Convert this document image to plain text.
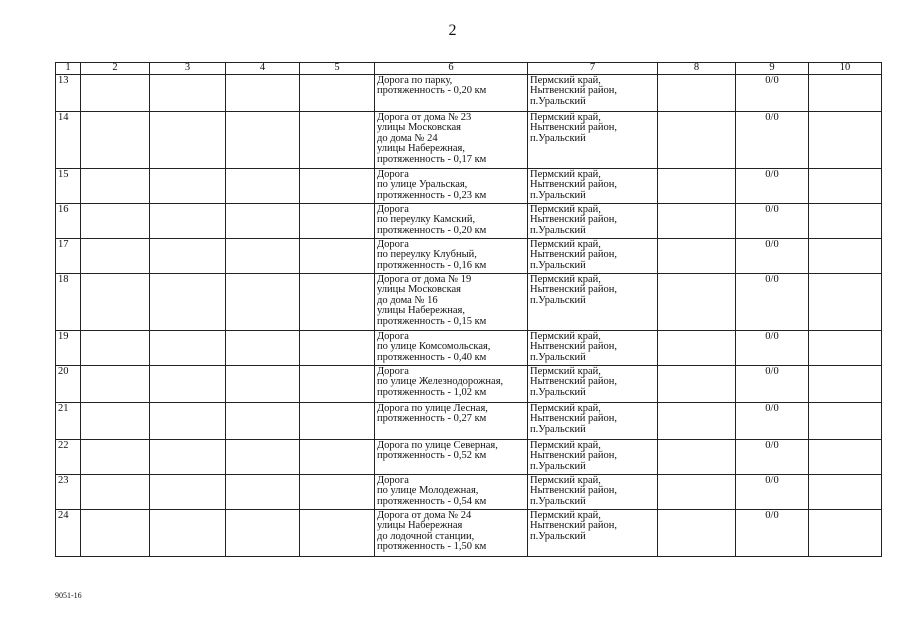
2
1	2	3	4	5	6	7	8	9	10
13					Дорога по парку,
протяженность - 0,20 км	Пермский край,
Нытвенский район,
п.Уральский		0/0	
14					Дорога от дома № 23
улицы Московская
до дома № 24
улицы Набережная,
протяженность - 0,17 км	Пермский край,
Нытвенский район,
п.Уральский		0/0	
15					Дорога
по улице Уральская,
протяженность - 0,23 км	Пермский край,
Нытвенский район,
п.Уральский		0/0	
16					Дорога
по переулку Камский,
протяженность - 0,20 км	Пермский край,
Нытвенский район,
п.Уральский		0/0	
17					Дорога
по переулку Клубный,
протяженность - 0,16 км	Пермский край,
Нытвенский район,
п.Уральский		0/0	
18					Дорога от дома № 19
улицы Московская
до дома № 16
улицы Набережная,
протяженность - 0,15 км	Пермский край,
Нытвенский район,
п.Уральский		0/0	
19					Дорога
по улице Комсомольская,
протяженность - 0,40 км	Пермский край,
Нытвенский район,
п.Уральский		0/0	
20					Дорога
по улице Железнодорожная,
протяженность - 1,02 км	Пермский край,
Нытвенский район,
п.Уральский		0/0	
21					Дорога по улице Лесная,
протяженность - 0,27 км	Пермский край,
Нытвенский район,
п.Уральский		0/0	
22					Дорога по улице Северная,
протяженность - 0,52 км	Пермский край,
Нытвенский район,
п.Уральский		0/0	
23					Дорога
по улице Молодежная,
протяженность - 0,54 км	Пермский край,
Нытвенский район,
п.Уральский		0/0	
24					Дорога от дома № 24
улицы Набережная
до лодочной станции,
протяженность - 1,50 км	Пермский край,
Нытвенский район,
п.Уральский		0/0	
9051-16
